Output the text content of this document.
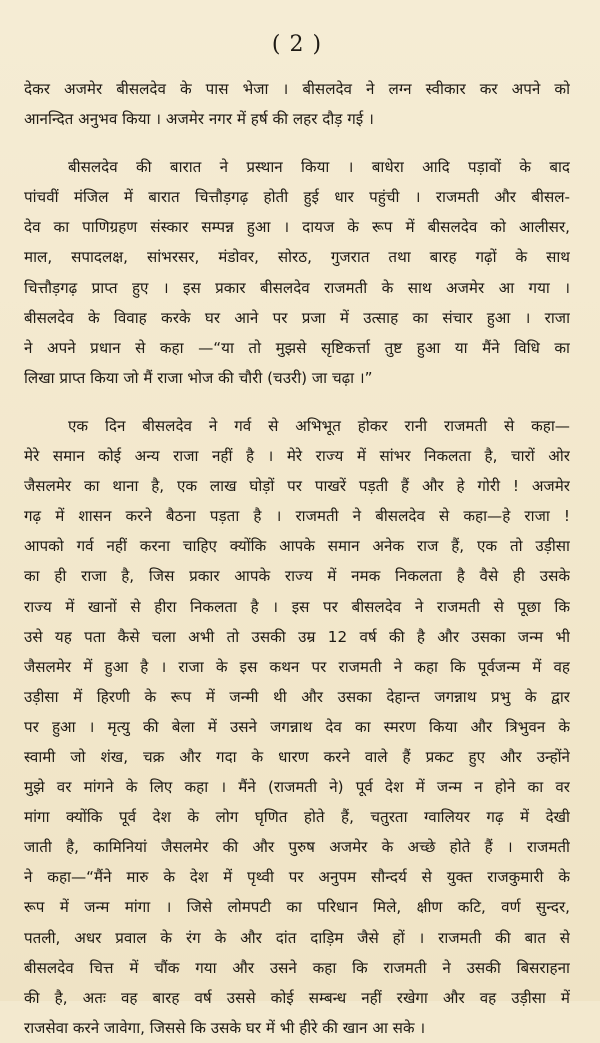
( 2 )
देकर अजमेर बीसलदेव के पास भेजा । बीसलदेव ने लग्न स्वीकार कर अपने को
आनन्दित अनुभव किया । अजमेर नगर में हर्ष की लहर दौड़ गई ।
बीसलदेव की बारात ने प्रस्थान किया । बाधेरा आदि पड़ावों के बाद
पांचवीं मंजिल में बारात चित्तौड़गढ़ होती हुई धार पहुंची । राजमती और बीसल-
देव का पाणिग्रहण संस्कार सम्पन्न हुआ । दायज के रूप में बीसलदेव को आलीसर,
माल, सपादलक्ष, सांभरसर, मंडोवर, सोरठ, गुजरात तथा बारह गढ़ों के साथ
चित्तौड़गढ़ प्राप्त हुए । इस प्रकार बीसलदेव राजमती के साथ अजमेर आ गया ।
बीसलदेव के विवाह करके घर आने पर प्रजा में उत्साह का संचार हुआ । राजा
ने अपने प्रधान से कहा —“या तो मुझसे सृष्टिकर्त्ता तुष्ट हुआ या मैंने विधि का
लिखा प्राप्त किया जो मैं राजा भोज की चौरी (चउरी) जा चढ़ा ।”
एक दिन बीसलदेव ने गर्व से अभिभूत होकर रानी राजमती से कहा—
मेरे समान कोई अन्य राजा नहीं है । मेरे राज्य में सांभर निकलता है, चारों ओर
जैसलमेर का थाना है, एक लाख घोड़ों पर पाखरें पड़ती हैं और हे गोरी ! अजमेर
गढ़ में शासन करने बैठना पड़ता है । राजमती ने बीसलदेव से कहा—हे राजा !
आपको गर्व नहीं करना चाहिए क्योंकि आपके समान अनेक राज हैं, एक तो उड़ीसा
का ही राजा है, जिस प्रकार आपके राज्य में नमक निकलता है वैसे ही उसके
राज्य में खानों से हीरा निकलता है । इस पर बीसलदेव ने राजमती से पूछा कि
उसे यह पता कैसे चला अभी तो उसकी उम्र 12 वर्ष की है और उसका जन्म भी
जैसलमेर में हुआ है । राजा के इस कथन पर राजमती ने कहा कि पूर्वजन्म में वह
उड़ीसा में हिरणी के रूप में जन्मी थी और उसका देहान्त जगन्नाथ प्रभु के द्वार
पर हुआ । मृत्यु की बेला में उसने जगन्नाथ देव का स्मरण किया और त्रिभुवन के
स्वामी जो शंख, चक्र और गदा के धारण करने वाले हैं प्रकट हुए और उन्होंने
मुझे वर मांगने के लिए कहा । मैंने (राजमती ने) पूर्व देश में जन्म न होने का वर
मांगा क्योंकि पूर्व देश के लोग घृणित होते हैं, चतुरता ग्वालियर गढ़ में देखी
जाती है, कामिनियां जैसलमेर की और पुरुष अजमेर के अच्छे होते हैं । राजमती
ने कहा—“मैंने मारु के देश में पृथ्वी पर अनुपम सौन्दर्य से युक्त राजकुमारी के
रूप में जन्म मांगा । जिसे लोमपटी का परिधान मिले, क्षीण कटि, वर्ण सुन्दर,
पतली, अधर प्रवाल के रंग के और दांत दाड़िम जैसे हों । राजमती की बात से
बीसलदेव चित्त में चौंक गया और उसने कहा कि राजमती ने उसकी बिसराहना
की है, अतः वह बारह वर्ष उससे कोई सम्बन्ध नहीं रखेगा और वह उड़ीसा में
राजसेवा करने जावेगा, जिससे कि उसके घर में भी हीरे की खान आ सके ।
